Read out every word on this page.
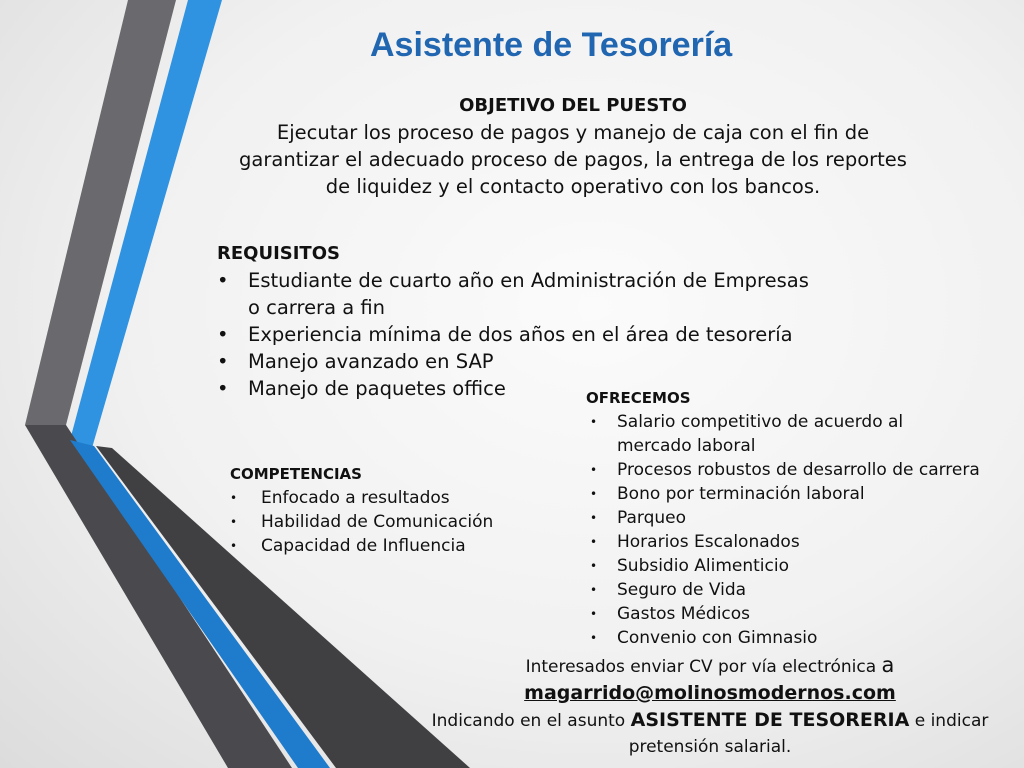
Asistente de Tesorería
OBJETIVO DEL PUESTO
Ejecutar los proceso de pagos y manejo de caja con el fin de garantizar el adecuado proceso de pagos, la entrega de los reportes de liquidez y el contacto operativo con los bancos.
REQUISITOS
• Estudiante de cuarto año en Administración de Empresas
o carrera a fin
• Experiencia mínima de dos años en el área de tesorería
• Manejo avanzado en SAP
• Manejo de paquetes office
COMPETENCIAS
• Enfocado a resultados
• Habilidad de Comunicación
• Capacidad de Influencia
OFRECEMOS
• Salario competitivo de acuerdo al
mercado laboral
• Procesos robustos de desarrollo de carrera
• Bono por terminación laboral
• Parqueo
• Horarios Escalonados
• Subsidio Alimenticio
• Seguro de Vida
• Gastos Médicos
• Convenio con Gimnasio
Interesados enviar CV por vía electrónica a
magarrido@molinosmodernos.com
Indicando en el asunto ASISTENTE DE TESORERIA e indicar
pretensión salarial.
